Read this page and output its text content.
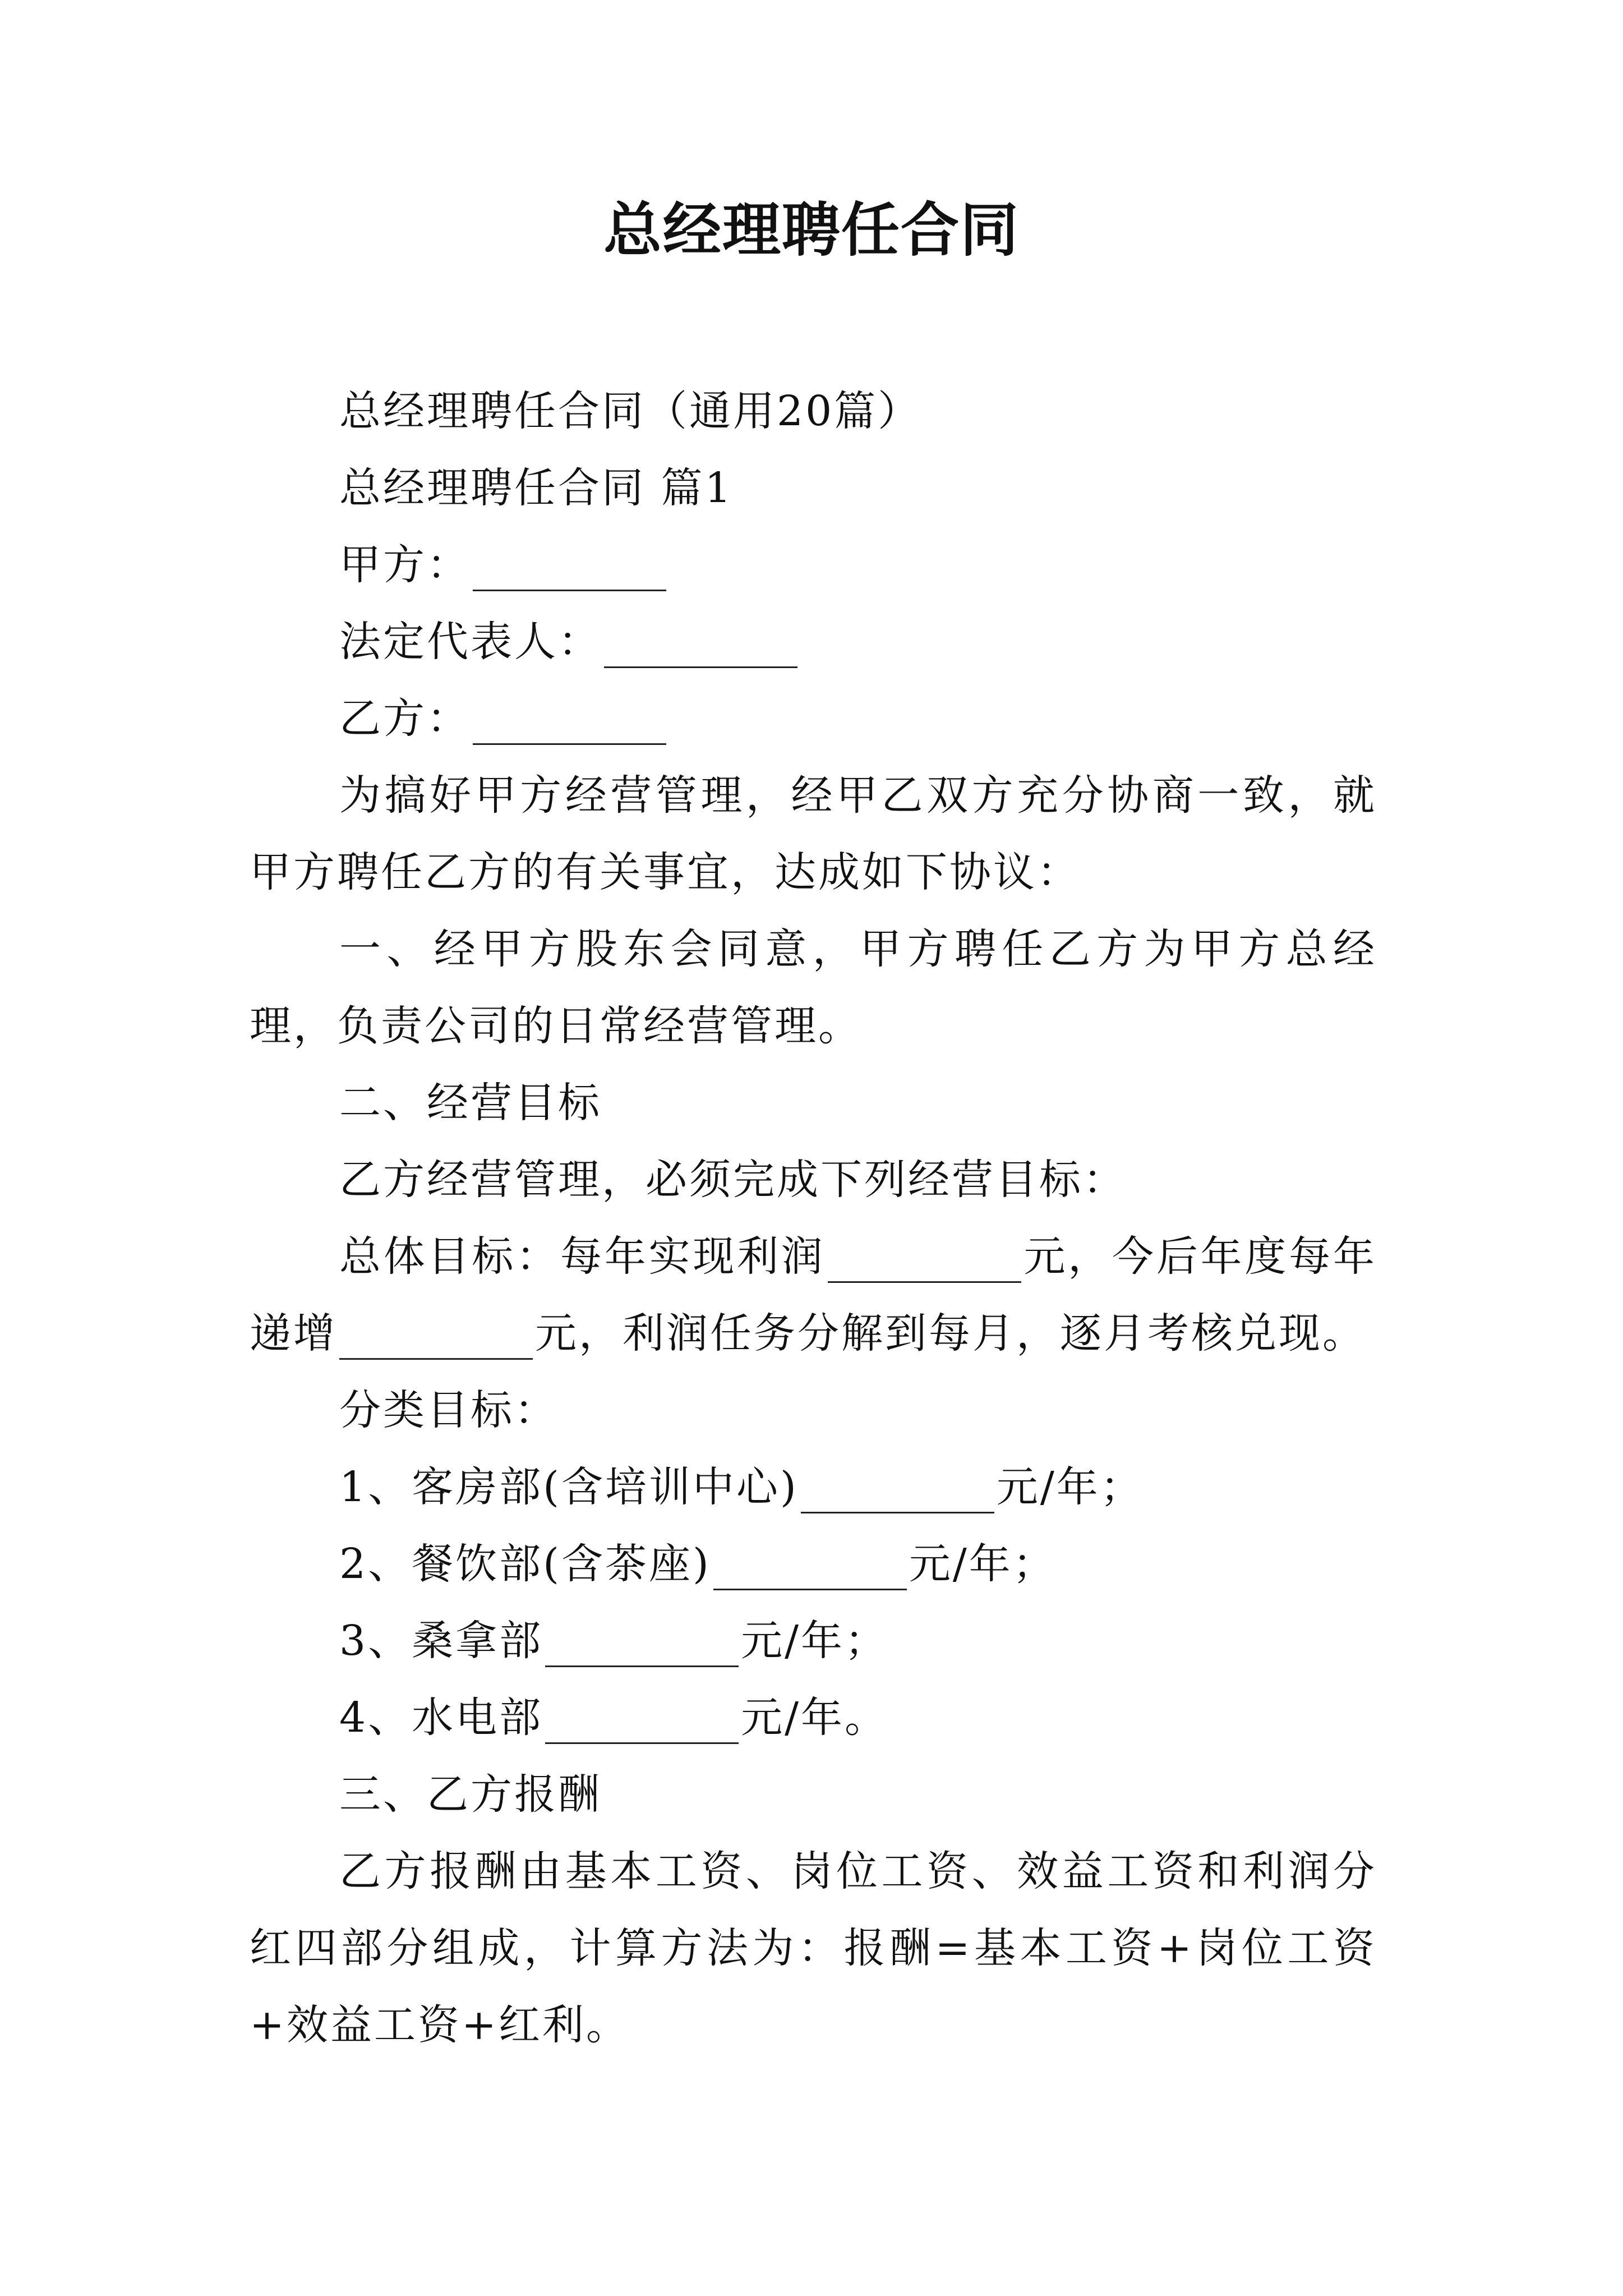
总经理聘任合同

总经理聘任合同（通用20篇）

总经理聘任合同 篇1

甲方：

法定代表人：

乙方：

为搞好甲方经营管理，经甲乙双方充分协商一致，就甲方聘任乙方的有关事宜，达成如下协议：

一、经甲方股东会同意，甲方聘任乙方为甲方总经理，负责公司的日常经营管理。

二、经营目标

乙方经营管理，必须完成下列经营目标：

总体目标：每年实现利润	元，今后年度每年递增	元，利润任务分解到每月，逐月考核兑现。

分类目标：

1、客房部(含培训中心)	元/年；

2、餐饮部(含茶座)	元/年；

3、桑拿部	元/年；

4、水电部	元/年。

三、乙方报酬

乙方报酬由基本工资、岗位工资、效益工资和利润分红四部分组成，计算方法为：报酬=基本工资+岗位工资+效益工资+红利。
